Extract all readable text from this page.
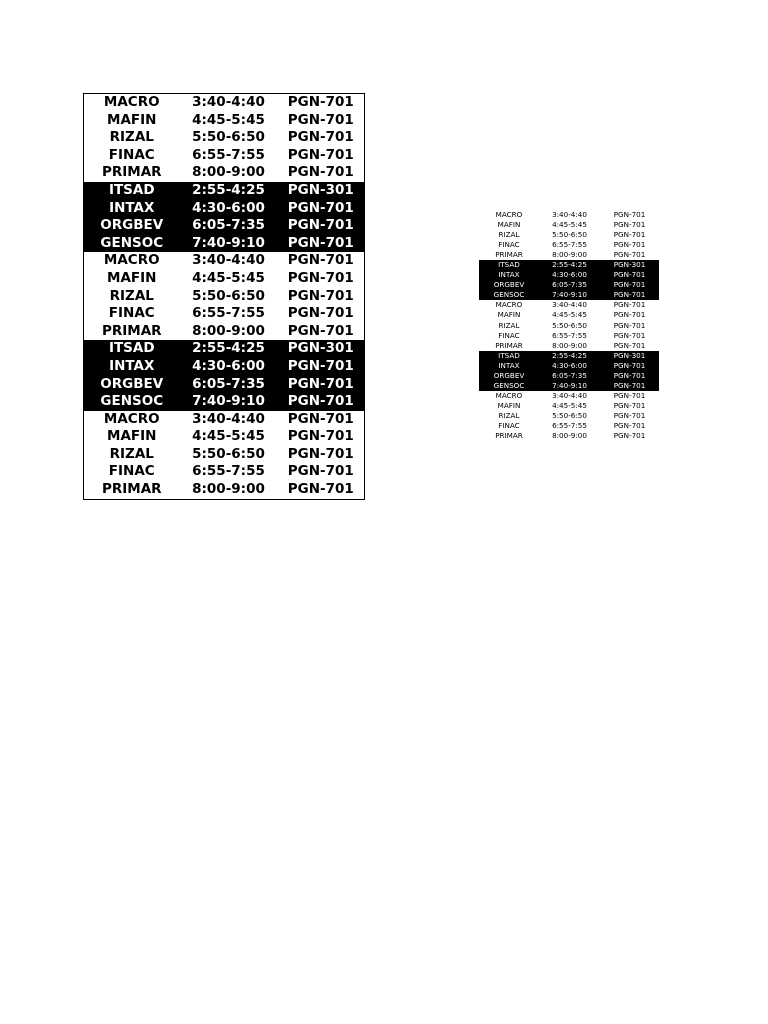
MACRO	3:40-4:40	PGN-701
MAFIN	4:45-5:45	PGN-701
RIZAL	5:50-6:50	PGN-701
FINAC	6:55-7:55	PGN-701
PRIMAR	8:00-9:00	PGN-701
ITSAD	2:55-4:25	PGN-301
INTAX	4:30-6:00	PGN-701
ORGBEV	6:05-7:35	PGN-701
GENSOC	7:40-9:10	PGN-701
MACRO	3:40-4:40	PGN-701
MAFIN	4:45-5:45	PGN-701
RIZAL	5:50-6:50	PGN-701
FINAC	6:55-7:55	PGN-701
PRIMAR	8:00-9:00	PGN-701
ITSAD	2:55-4:25	PGN-301
INTAX	4:30-6:00	PGN-701
ORGBEV	6:05-7:35	PGN-701
GENSOC	7:40-9:10	PGN-701
MACRO	3:40-4:40	PGN-701
MAFIN	4:45-5:45	PGN-701
RIZAL	5:50-6:50	PGN-701
FINAC	6:55-7:55	PGN-701
PRIMAR	8:00-9:00	PGN-701
MACRO	3:40-4:40	PGN-701
MAFIN	4:45-5:45	PGN-701
RIZAL	5:50-6:50	PGN-701
FINAC	6:55-7:55	PGN-701
PRIMAR	8:00-9:00	PGN-701
ITSAD	2:55-4:25	PGN-301
INTAX	4:30-6:00	PGN-701
ORGBEV	6:05-7:35	PGN-701
GENSOC	7:40-9:10	PGN-701
MACRO	3:40-4:40	PGN-701
MAFIN	4:45-5:45	PGN-701
RIZAL	5:50-6:50	PGN-701
FINAC	6:55-7:55	PGN-701
PRIMAR	8:00-9:00	PGN-701
ITSAD	2:55-4:25	PGN-301
INTAX	4:30-6:00	PGN-701
ORGBEV	6:05-7:35	PGN-701
GENSOC	7:40-9:10	PGN-701
MACRO	3:40-4:40	PGN-701
MAFIN	4:45-5:45	PGN-701
RIZAL	5:50-6:50	PGN-701
FINAC	6:55-7:55	PGN-701
PRIMAR	8:00-9:00	PGN-701
